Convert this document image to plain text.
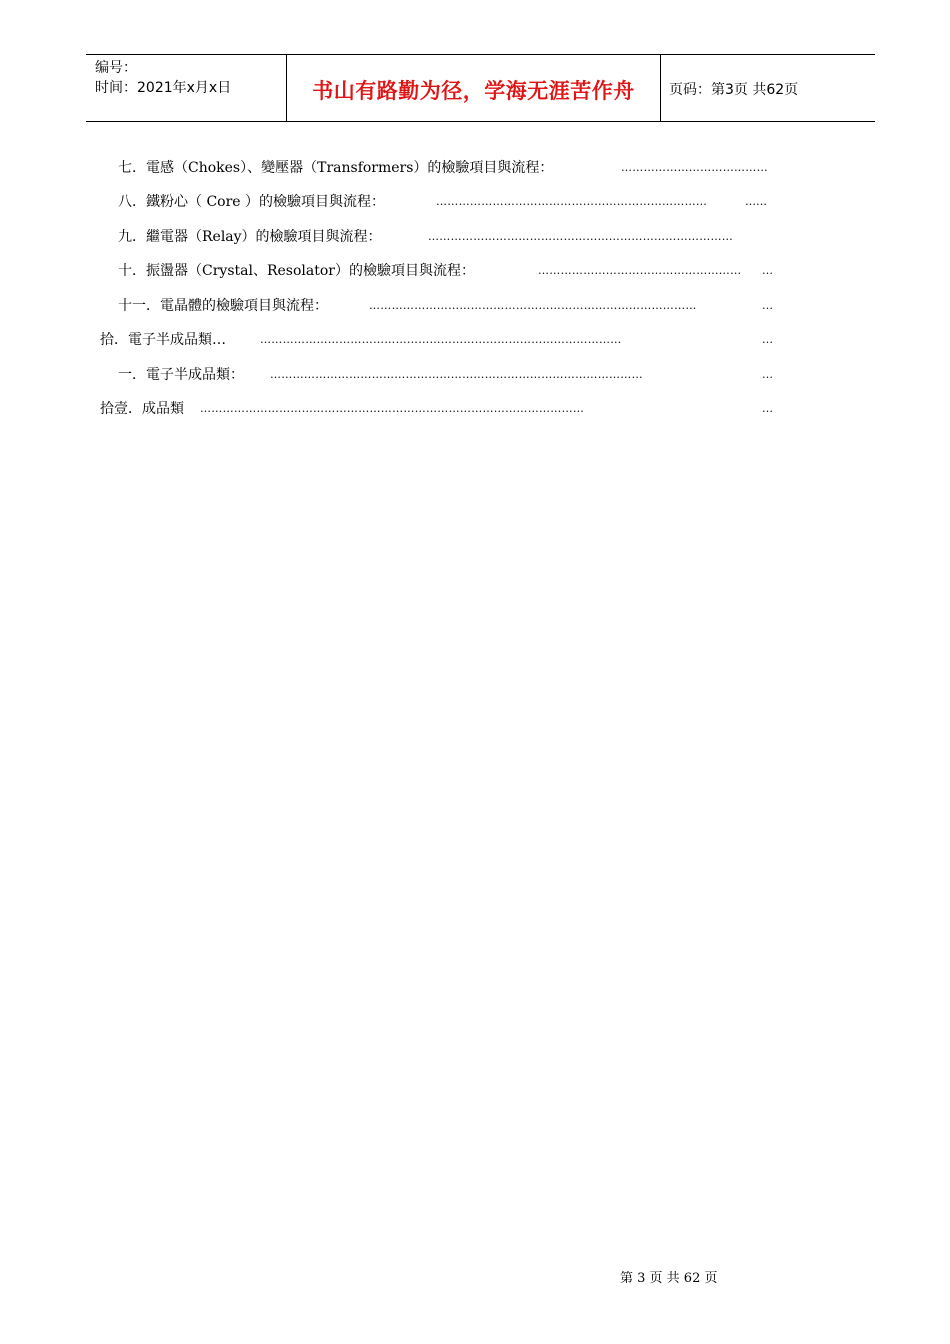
编号：
时间：2021年x月x日	书山有路勤为径，学海无涯苦作舟 页码：第3页 共62页
七．電感（Chokes）、變壓器（Transformers）的檢驗項目與流程：	…………………………………
八．鐵粉心（ Core ）的檢驗項目與流程：	………………………………………………………………	……
九．繼電器（Relay）的檢驗項目與流程：	………………………………………………………………………
十．振盪器（Crystal、Resolator）的檢驗項目與流程：	………………………………………………	…
十一．電晶體的檢驗項目與流程：	……………………………………………………………………………	…
拾．電子半成品類…	……………………………………………………………………………………	…
一．電子半成品類： ………………………………………………………………………………………	…
拾壹．成品類 …………………………………………………………………………………………	…
第 3 页 共 62 页
